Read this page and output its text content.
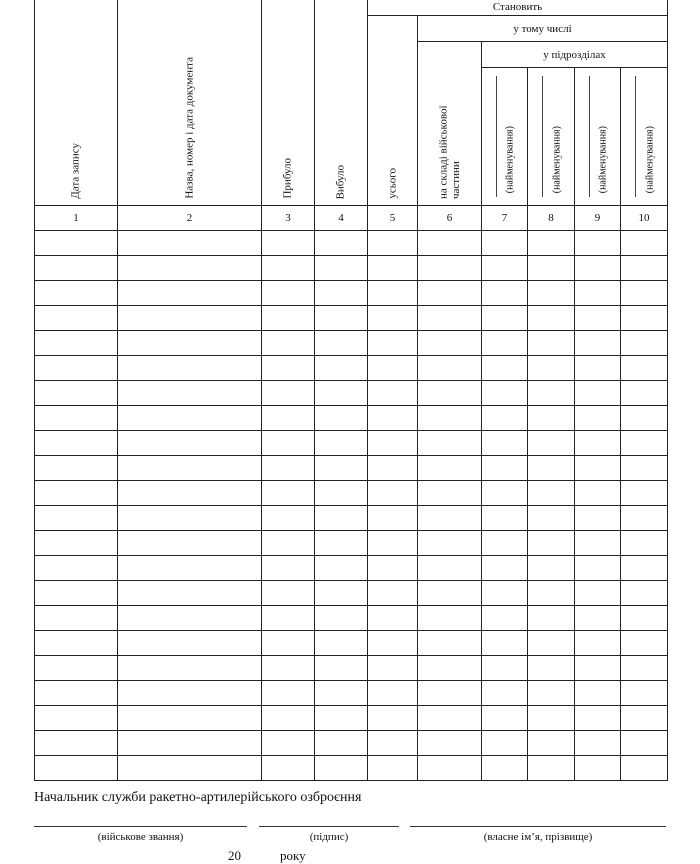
Дата запису	Назва, номер і дата документа	Прибуло	Вибуло	Становить					

				усього	у тому числі				

					на складі військової частини	у підрозділах			

						(найменування)	(найменування)	(найменування)	(найменування)

1	2	3	4	5	6	7	8	9	10

Начальник служби ракетно-артилерійського озброєння
(військове звання)	(підпис)	(власне ім’я, прізвище)
20	року
